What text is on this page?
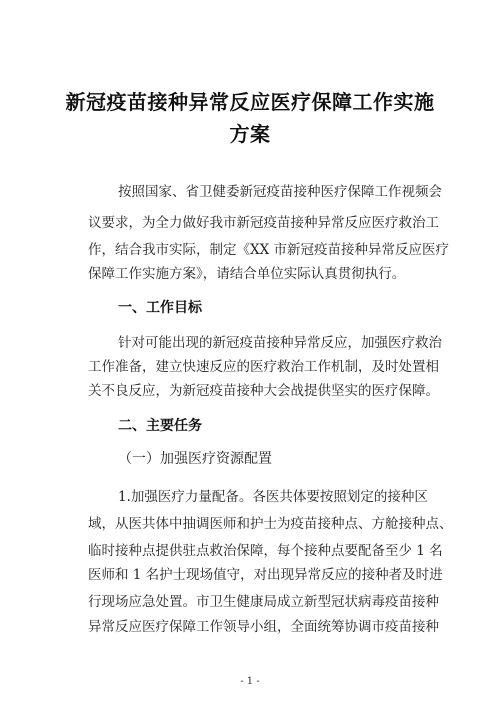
新冠疫苗接种异常反应医疗保障工作实施
方案
按照国家、省卫健委新冠疫苗接种医疗保障工作视频会
议要求，为全力做好我市新冠疫苗接种异常反应医疗救治工
作，结合我市实际，制定《XX 市新冠疫苗接种异常反应医疗
保障工作实施方案》，请结合单位实际认真贯彻执行。
一、工作目标
针对可能出现的新冠疫苗接种异常反应，加强医疗救治
工作准备，建立快速反应的医疗救治工作机制，及时处置相
关不良反应，为新冠疫苗接种大会战提供坚实的医疗保障。
二、主要任务
（一）加强医疗资源配置
1.加强医疗力量配备。各医共体要按照划定的接种区
域，从医共体中抽调医师和护士为疫苗接种点、方舱接种点、
临时接种点提供驻点救治保障，每个接种点要配备至少 1 名
医师和 1 名护士现场值守，对出现异常反应的接种者及时进
行现场应急处置。市卫生健康局成立新型冠状病毒疫苗接种
异常反应医疗保障工作领导小组，全面统筹协调市疫苗接种
- 1 -
